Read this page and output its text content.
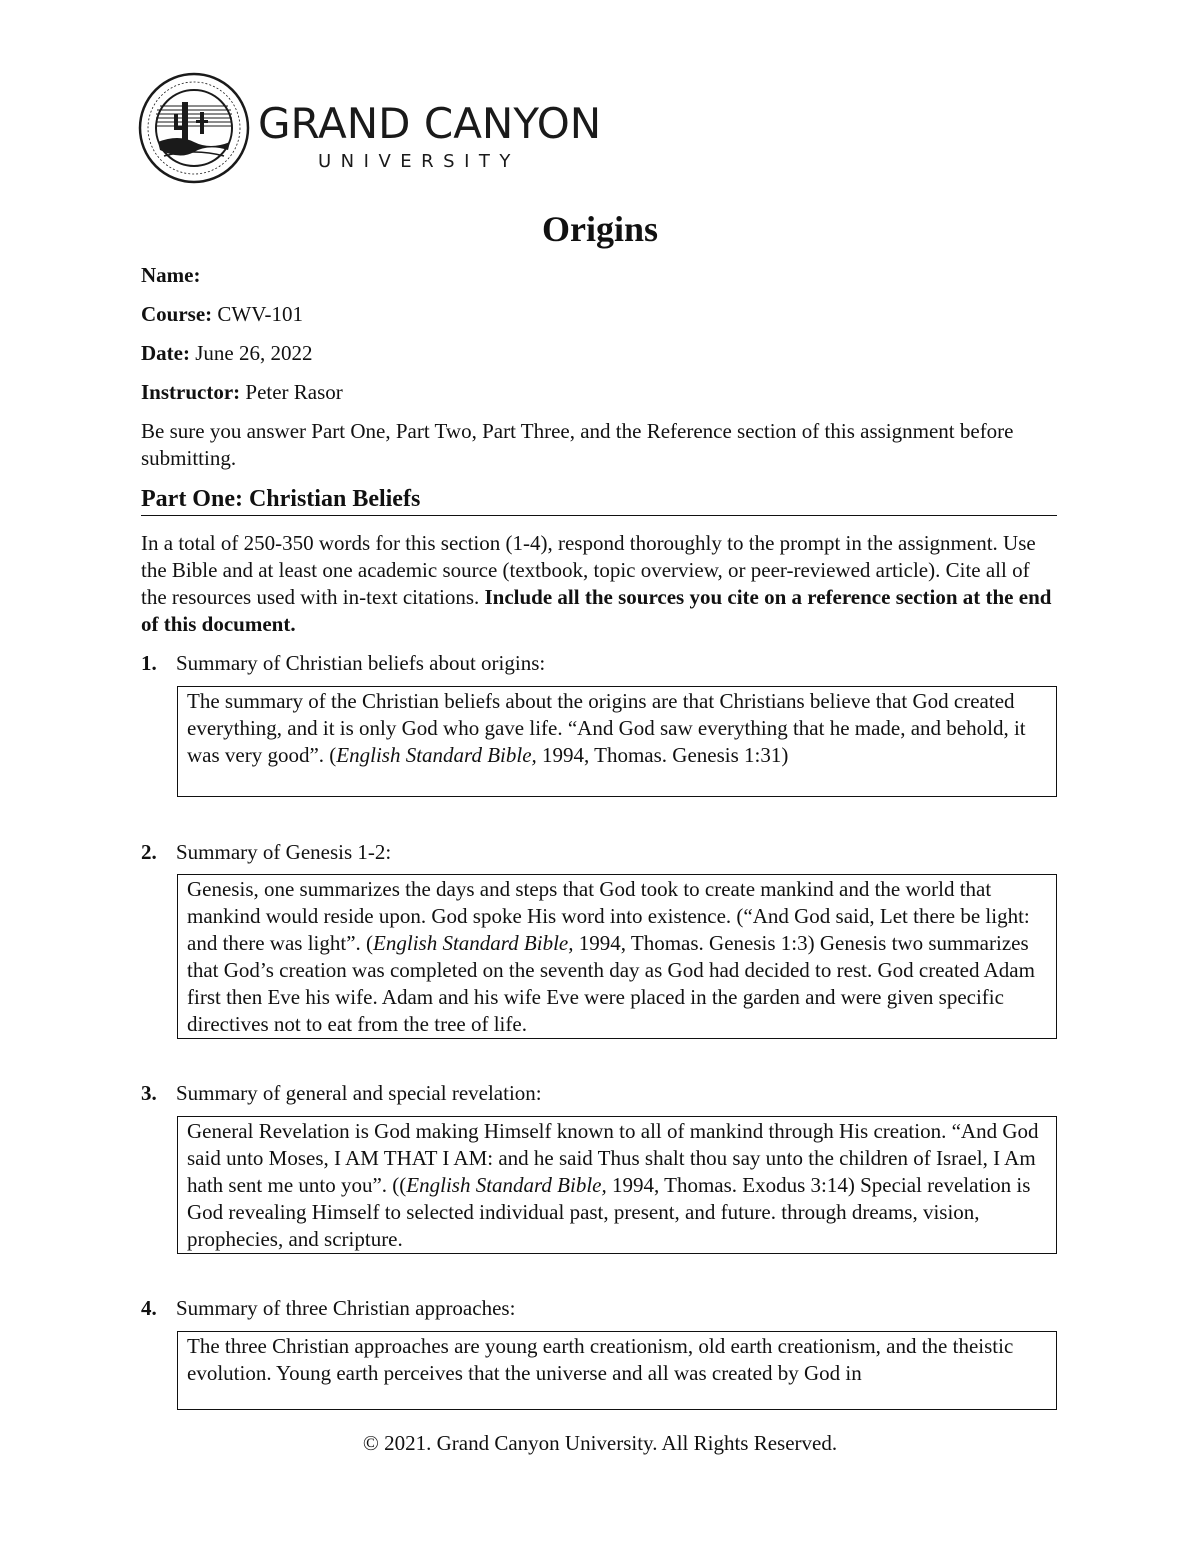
GRAND CANYON
UNIVERSITY
Origins
Name:
Course: CWV-101
Date: June 26, 2022
Instructor: Peter Rasor
Be sure you answer Part One, Part Two, Part Three, and the Reference section of this assignment before submitting.
Part One: Christian Beliefs
In a total of 250-350 words for this section (1-4), respond thoroughly to the prompt in the assignment. Use the Bible and at least one academic source (textbook, topic overview, or peer-reviewed article). Cite all of the resources used with in-text citations. Include all the sources you cite on a reference section at the end of this document.
1. Summary of Christian beliefs about origins:
The summary of the Christian beliefs about the origins are that Christians believe that God created everything, and it is only God who gave life. “And God saw everything that he made, and behold, it was very good”. (English Standard Bible, 1994, Thomas. Genesis 1:31)
2. Summary of Genesis 1-2:
Genesis, one summarizes the days and steps that God took to create mankind and the world that mankind would reside upon. God spoke His word into existence. (“And God said, Let there be light: and there was light”. (English Standard Bible, 1994, Thomas. Genesis 1:3) Genesis two summarizes that God’s creation was completed on the seventh day as God had decided to rest. God created Adam first then Eve his wife. Adam and his wife Eve were placed in the garden and were given specific directives not to eat from the tree of life.
3. Summary of general and special revelation:
General Revelation is God making Himself known to all of mankind through His creation. “And God said unto Moses, I AM THAT I AM: and he said Thus shalt thou say unto the children of Israel, I Am hath sent me unto you”. ((English Standard Bible, 1994, Thomas. Exodus 3:14) Special revelation is God revealing Himself to selected individual past, present, and future. through dreams, vision, prophecies, and scripture.
4. Summary of three Christian approaches:
The three Christian approaches are young earth creationism, old earth creationism, and the theistic evolution. Young earth perceives that the universe and all was created by God in
© 2021. Grand Canyon University. All Rights Reserved.
